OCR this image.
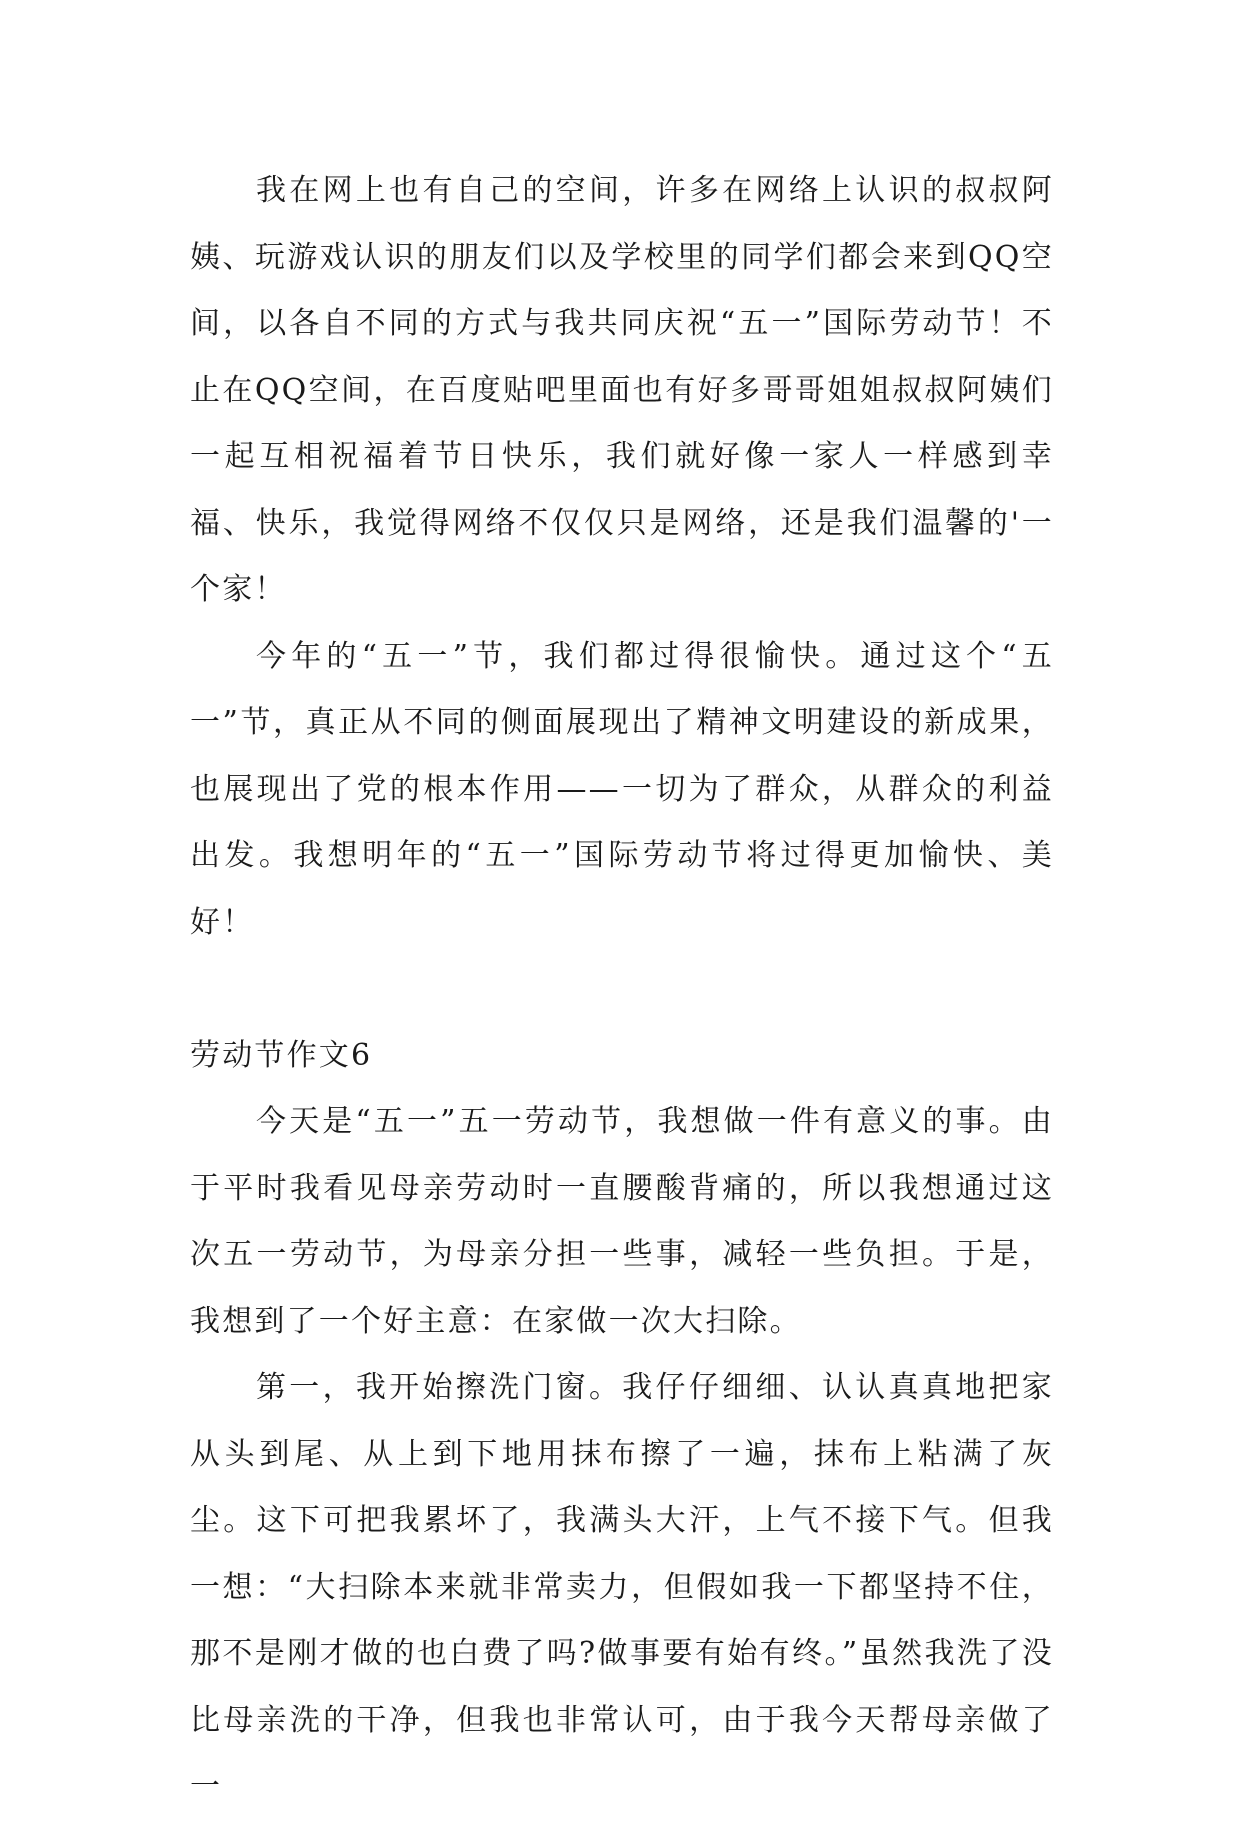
我在网上也有自己的空间，许多在网络上认识的叔叔阿姨、玩游戏认识的朋友们以及学校里的同学们都会来到QQ空间，以各自不同的方式与我共同庆祝“五一”国际劳动节！不止在QQ空间，在百度贴吧里面也有好多哥哥姐姐叔叔阿姨们一起互相祝福着节日快乐，我们就好像一家人一样感到幸福、快乐，我觉得网络不仅仅只是网络，还是我们温馨的'一个家！

今年的“五一”节，我们都过得很愉快。通过这个“五一”节，真正从不同的侧面展现出了精神文明建设的新成果，也展现出了党的根本作用——一切为了群众，从群众的利益出发。我想明年的“五一”国际劳动节将过得更加愉快、美好！

劳动节作文6

今天是“五一”五一劳动节，我想做一件有意义的事。由于平时我看见母亲劳动时一直腰酸背痛的，所以我想通过这次五一劳动节，为母亲分担一些事，减轻一些负担。于是，我想到了一个好主意：在家做一次大扫除。

第一，我开始擦洗门窗。我仔仔细细、认认真真地把家从头到尾、从上到下地用抹布擦了一遍，抹布上粘满了灰尘。这下可把我累坏了，我满头大汗，上气不接下气。但我一想：“大扫除本来就非常卖力，但假如我一下都坚持不住，那不是刚才做的也白费了吗?做事要有始有终。”虽然我洗了没比母亲洗的干净，但我也非常认可，由于我今天帮母亲做了一
